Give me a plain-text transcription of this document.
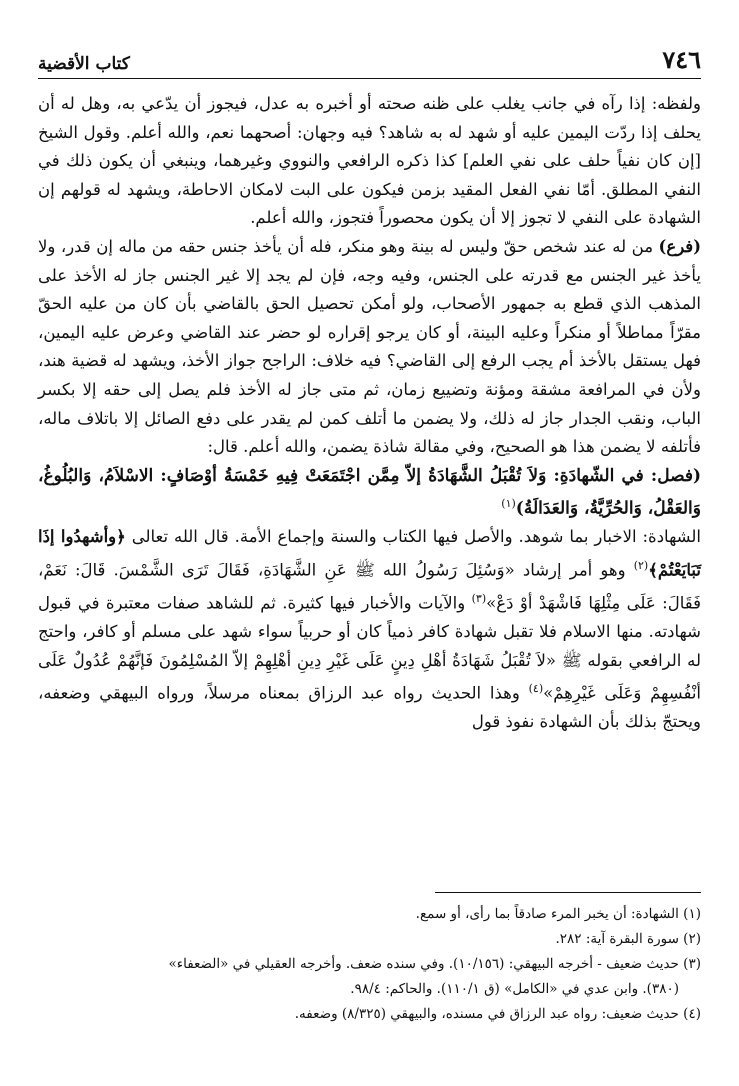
٧٤٦
كتاب الأقضية

ولفظه: إذا رآه في جانب يغلب على ظنه صحته أو أخبره به عدل، فيجوز أن يدّعي به، وهل له أن يحلف إذا ردّت اليمين عليه أو شهد له به شاهد؟ فيه وجهان: أصحهما نعم، والله أعلم. وقول الشيخ [إن كان نفياً حلف على نفي العلم] كذا ذكره الرافعي والنووي وغيرهما، وينبغي أن يكون ذلك في النفي المطلق. أمّا نفي الفعل المقيد بزمن فيكون على البت لامكان الاحاطة، ويشهد له قولهم إن الشهادة على النفي لا تجوز إلا أن يكون محصوراً فتجوز، والله أعلم.

(فرع) من له عند شخص حقّ وليس له بينة وهو منكر، فله أن يأخذ جنس حقه من ماله إن قدر، ولا يأخذ غير الجنس مع قدرته على الجنس، وفيه وجه، فإن لم يجد إلا غير الجنس جاز له الأخذ على المذهب الذي قطع به جمهور الأصحاب، ولو أمكن تحصيل الحق بالقاضي بأن كان من عليه الحقّ مقرّاً مماطلاً أو منكراً وعليه البينة، أو كان يرجو إقراره لو حضر عند القاضي وعرض عليه اليمين، فهل يستقل بالأخذ أم يجب الرفع إلى القاضي؟ فيه خلاف: الراجح جواز الأخذ، ويشهد له قضية هند، ولأن في المرافعة مشقة ومؤنة وتضييع زمان، ثم متى جاز له الأخذ فلم يصل إلى حقه إلا بكسر الباب، ونقب الجدار جاز له ذلك، ولا يضمن ما أتلف كمن لم يقدر على دفع الصائل إلا باتلاف ماله، فأتلفه لا يضمن هذا هو الصحيح، وفي مقالة شاذة يضمن، والله أعلم. قال:

(فصل: في الشّهادَةِ: وَلاَ تُقْبَلُ الشَّهَادَةُ إلاّ مِمَّن اجْتَمَعَتْ فِيهِ خَمْسَةُ أوْصَافٍ: الاسْلاَمُ، وَالبُلُوغُ، وَالعَقْلُ، وَالحُرِّيَّةُ، وَالعَدَالَةُ)$^{(١)}$

الشهادة: الاخبار بما شوهد. والأصل فيها الكتاب والسنة وإجماع الأمة. قال الله تعالى ﴿وأشهدُوا إذَا تَبَايَعْتُمْ﴾$^{(٢)}$ وهو أمر إرشاد «وَسُئِلَ رَسُولُ الله ﷺ عَنِ الشَّهَادَةِ، فَقَالَ تَرَى الشَّمْسَ. قَالَ: نَعَمْ، فَقَالَ: عَلَى مِثْلِهَا فَاشْهَدْ أوْ دَعْ»$^{(٣)}$ والآيات والأخبار فيها كثيرة. ثم للشاهد صفات معتبرة في قبول شهادته. منها الاسلام فلا تقبل شهادة كافر ذمياً كان أو حربياً سواء شهد على مسلم أو كافر، واحتج له الرافعي بقوله ﷺ «لاَ تُقْبَلُ شَهَادَةُ أهْلِ دِينٍ عَلَى غَيْرِ دِينِ أهْلِهِمْ إلاّ المُسْلِمُونَ فَإنَّهُمْ عُدُولٌ عَلَى أنْفُسِهِمْ وَعَلَى غَيْرِهِمْ»$^{(٤)}$ وهذا الحديث رواه عبد الرزاق بمعناه مرسلاً، ورواه البيهقي وضعفه، ويحتجّ بذلك بأن الشهادة نفوذ قول

(١) الشهادة: أن يخبر المرء صادقاً بما رأى، أو سمع.

(٢) سورة البقرة آية: ٢٨٢.

(٣) حديث ضعيف - أخرجه البيهقي: (١٠/١٥٦). وفي سنده ضعف. وأخرجه العقيلي في «الضعفاء»

(٣٨٠). وابن عدي في «الكامل» (ق ١١٠/١). والحاكم: ٩٨/٤.

(٤) حديث ضعيف: رواه عبد الرزاق في مسنده، والبيهقي (٨/٣٢٥) وضعفه.
